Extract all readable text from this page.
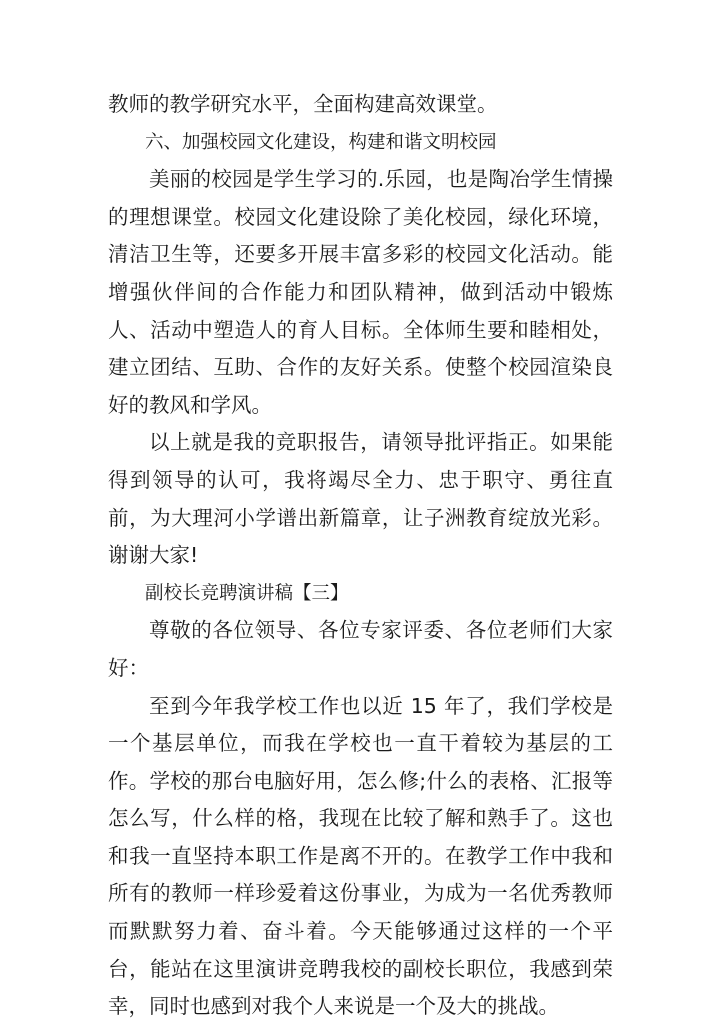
教师的教学研究水平，全面构建高效课堂。

六、加强校园文化建设，构建和谐文明校园

美丽的校园是学生学习的.乐园，也是陶冶学生情操的理想课堂。校园文化建设除了美化校园，绿化环境，清洁卫生等，还要多开展丰富多彩的校园文化活动。能增强伙伴间的合作能力和团队精神，做到活动中锻炼人、活动中塑造人的育人目标。全体师生要和睦相处，建立团结、互助、合作的友好关系。使整个校园渲染良好的教风和学风。

以上就是我的竞职报告，请领导批评指正。如果能得到领导的认可，我将竭尽全力、忠于职守、勇往直前，为大理河小学谱出新篇章，让子洲教育绽放光彩。谢谢大家!

副校长竞聘演讲稿【三】

尊敬的各位领导、各位专家评委、各位老师们大家好：

至到今年我学校工作也以近 15 年了，我们学校是一个基层单位，而我在学校也一直干着较为基层的工作。学校的那台电脑好用，怎么修;什么的表格、汇报等怎么写，什么样的格，我现在比较了解和熟手了。这也和我一直坚持本职工作是离不开的。在教学工作中我和所有的教师一样珍爱着这份事业，为成为一名优秀教师而默默努力着、奋斗着。今天能够通过这样的一个平台，能站在这里演讲竞聘我校的副校长职位，我感到荣幸，同时也感到对我个人来说是一个及大的挑战。
